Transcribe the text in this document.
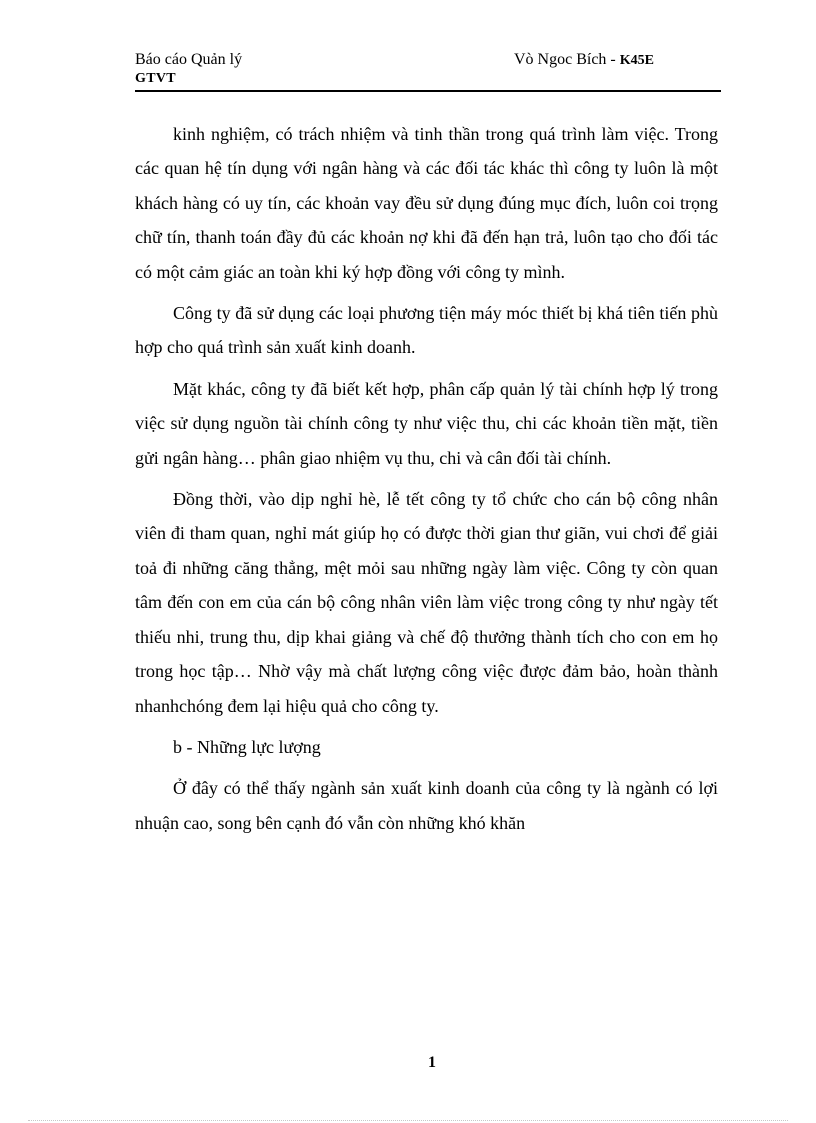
Báo cáo Quản lý
GTVT
Vò Ngoc Bích - K45E

kinh nghiệm, có trách nhiệm và tinh thần trong quá trình làm việc. Trong các quan hệ tín dụng với ngân hàng và các đối tác khác thì công ty luôn là một khách hàng có uy tín, các khoản vay đều sử dụng đúng mục đích, luôn coi trọng chữ tín, thanh toán đầy đủ các khoản nợ khi đã đến hạn trả, luôn tạo cho đối tác có một cảm giác an toàn khi ký hợp đồng với công ty mình.

Công ty đã sử dụng các loại phương tiện máy móc thiết bị khá tiên tiến phù hợp cho quá trình sản xuất kinh doanh.

Mặt khác, công ty đã biết kết hợp, phân cấp quản lý tài chính hợp lý trong việc sử dụng nguồn tài chính công ty như việc thu, chi các khoản tiền mặt, tiền gửi ngân hàng… phân giao nhiệm vụ thu, chi và cân đối tài chính.

Đồng thời, vào dịp nghỉ hè, lễ tết công ty tổ chức cho cán bộ công nhân viên đi tham quan, nghỉ mát giúp họ có được thời gian thư giãn, vui chơi để giải toả đi những căng thẳng, mệt mỏi sau những ngày làm việc. Công ty còn quan tâm đến con em của cán bộ công nhân viên làm việc trong công ty như ngày tết thiếu nhi, trung thu, dịp khai giảng và chế độ thưởng thành tích cho con em họ trong học tập… Nhờ vậy mà chất lượng công việc được đảm bảo, hoàn thành nhanhchóng đem lại hiệu quả cho công ty.

b - Những lực lượng

Ở đây có thể thấy ngành sản xuất kinh doanh của công ty là ngành có lợi nhuận cao, song bên cạnh đó vẫn còn những khó khăn

1
